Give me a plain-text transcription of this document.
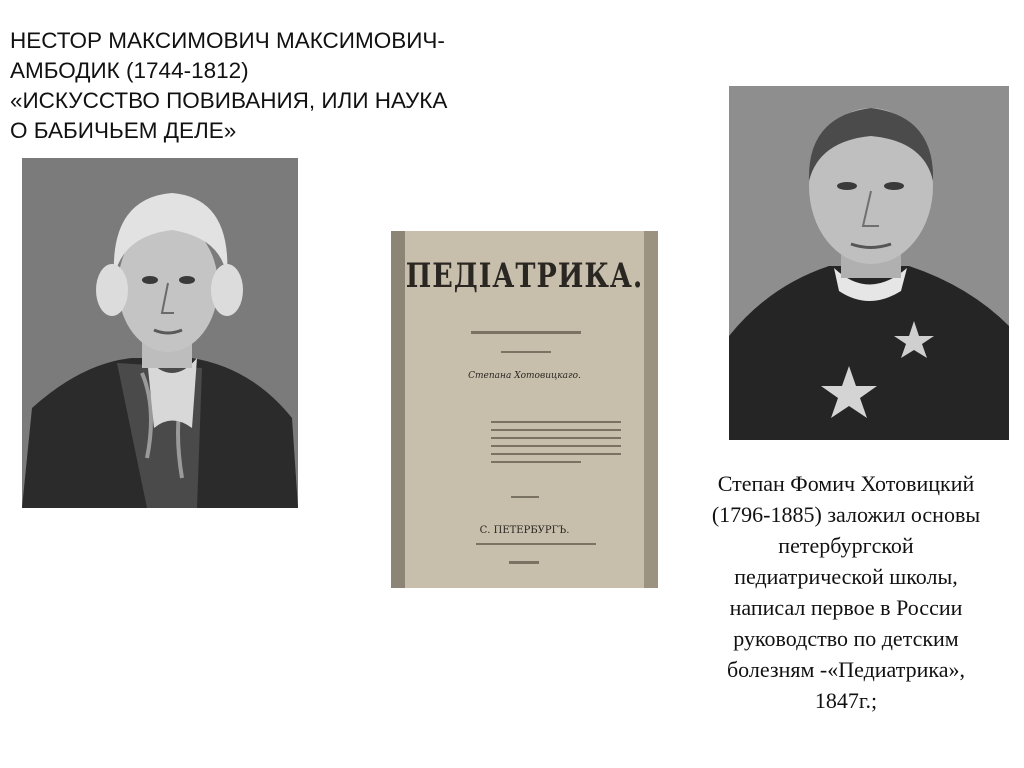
НЕСТОР МАКСИМОВИЧ МАКСИМОВИЧ-
АМБОДИК (1744-1812)
«ИСКУССТВО ПОВИВАНИЯ, ИЛИ НАУКА
О БАБИЧЬЕМ ДЕЛЕ»
ПЕДІАТРИКА.
Степана Хотовицкаго.
С. ПЕТЕРБУРГЪ.
Степан Фомич Хотовицкий
(1796-1885) заложил основы
петербургской
педиатрической школы,
написал первое в России
руководство по детским
болезням -«Педиатрика»,
1847г.;
